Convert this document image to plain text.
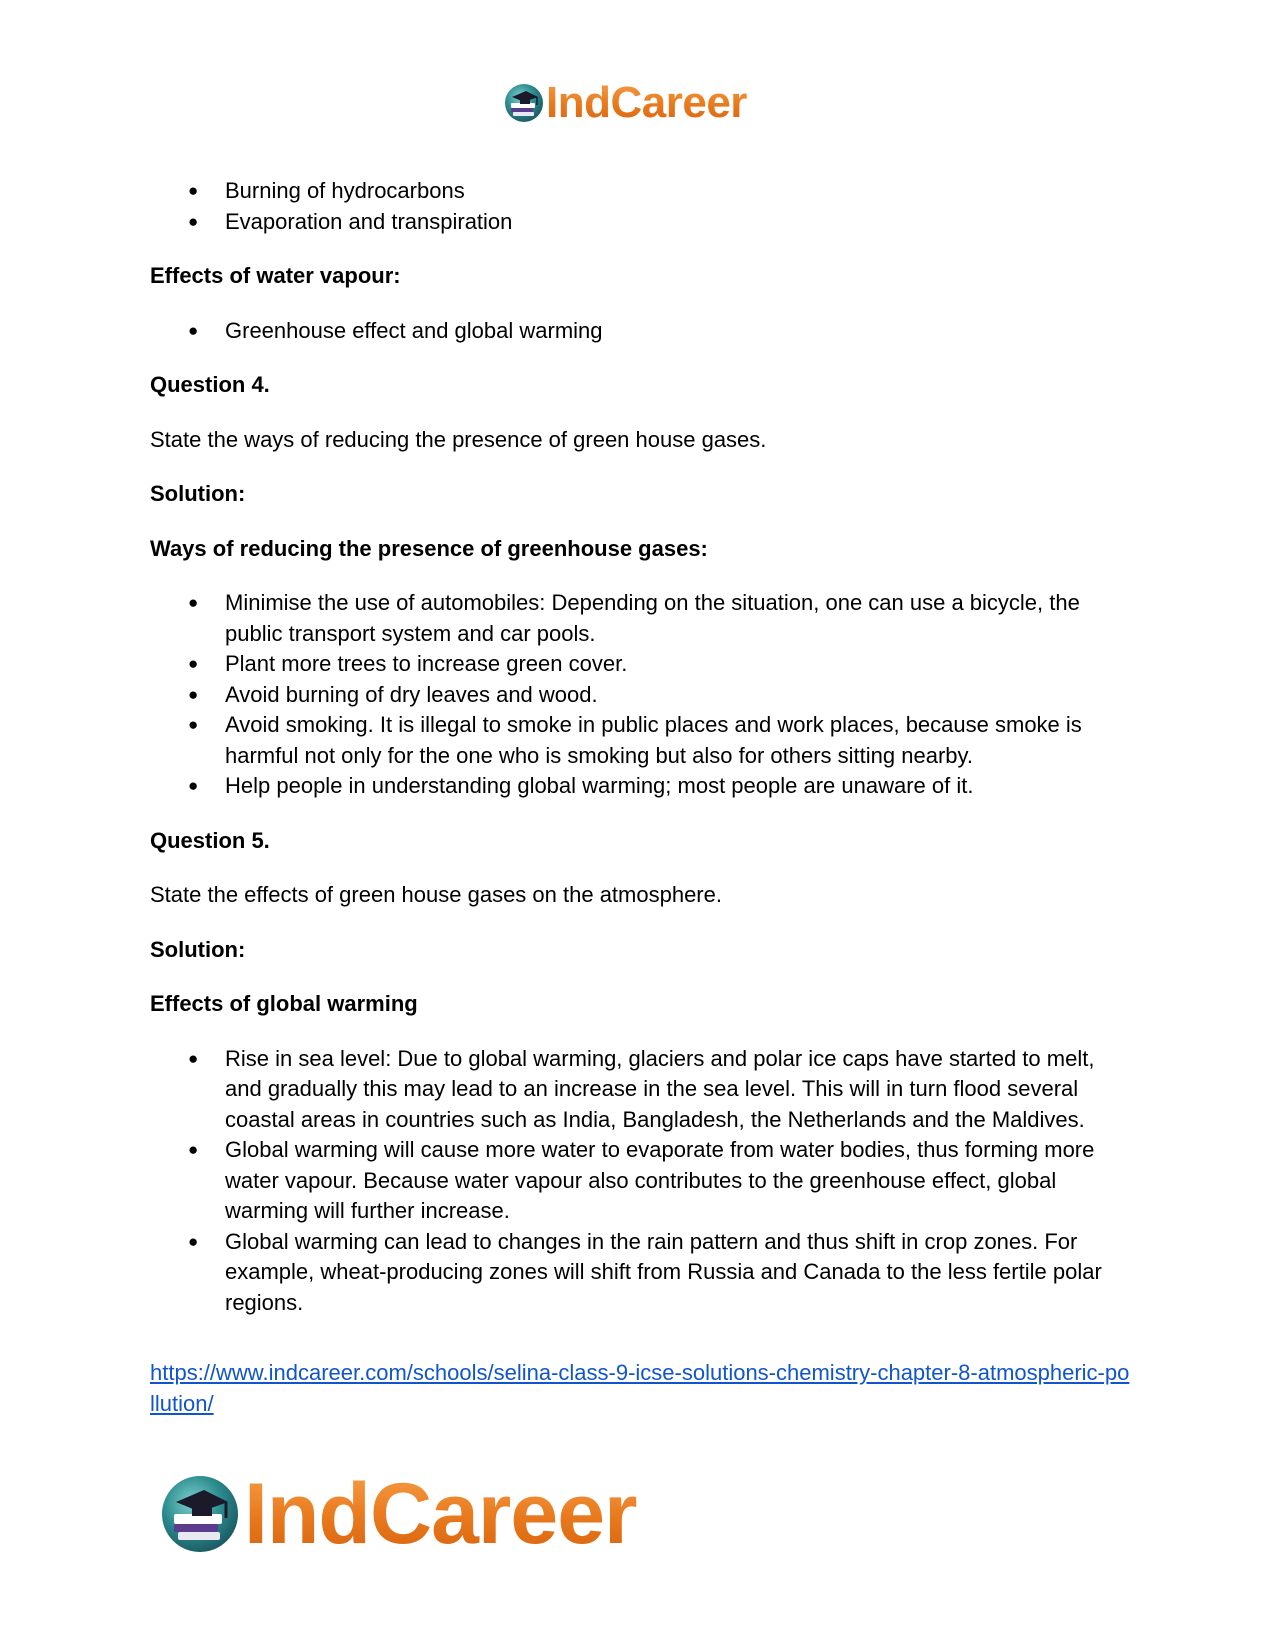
IndCareer
● Burning of hydrocarbons
● Evaporation and transpiration

Effects of water vapour:

● Greenhouse effect and global warming

Question 4.

State the ways of reducing the presence of green house gases.

Solution:

Ways of reducing the presence of greenhouse gases:

● Minimise the use of automobiles: Depending on the situation, one can use a bicycle, the public transport system and car pools.
● Plant more trees to increase green cover.
● Avoid burning of dry leaves and wood.
● Avoid smoking. It is illegal to smoke in public places and work places, because smoke is harmful not only for the one who is smoking but also for others sitting nearby.
● Help people in understanding global warming; most people are unaware of it.

Question 5.

State the effects of green house gases on the atmosphere.

Solution:

Effects of global warming

● Rise in sea level: Due to global warming, glaciers and polar ice caps have started to melt, and gradually this may lead to an increase in the sea level. This will in turn flood several coastal areas in countries such as India, Bangladesh, the Netherlands and the Maldives.
● Global warming will cause more water to evaporate from water bodies, thus forming more water vapour. Because water vapour also contributes to the greenhouse effect, global warming will further increase.
● Global warming can lead to changes in the rain pattern and thus shift in crop zones. For example, wheat-producing zones will shift from Russia and Canada to the less fertile polar regions.

https://www.indcareer.com/schools/selina-class-9-icse-solutions-chemistry-chapter-8-atmospheric-pollution/

IndCareer
